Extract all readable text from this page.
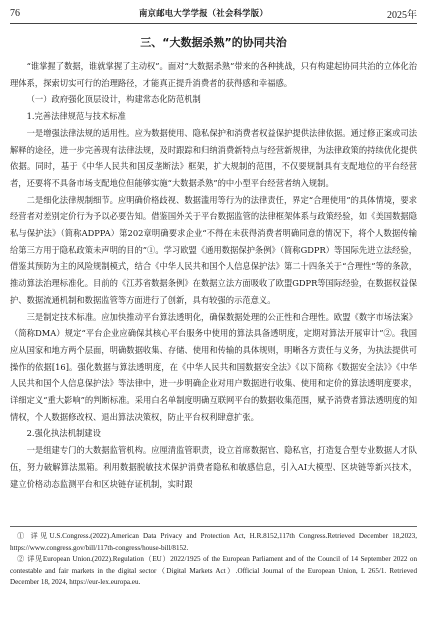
76	南京邮电大学学报（社会科学版）	2025年
三、“大数据杀熟”的协同共治

“谁掌握了数据，谁就掌握了主动权”。面对“大数据杀熟”带来的各种挑战，只有构建起协同共治的立体化治理体系，探索切实可行的治理路径，才能真正提升消费者的获得感和幸福感。

（一）政府强化顶层设计，构建常态化防范机制

1.完善法律规范与技术标准

一是增强法律法规的适用性。应为数据使用、隐私保护和消费者权益保护提供法律依据。通过修正案或司法解释的途径，进一步完善现有法律法规，及时跟踪和归纳消费新特点与经营新规律，为法律政策的持续优化提供依据。同时，基于《中华人民共和国反垄断法》框架，扩大规制的范围，不仅要规制具有支配地位的平台经营者，还要将不具备市场支配地位但能够实施“大数据杀熟”的中小型平台经营者纳入规制。

二是细化法律规制细节。应明确价格歧视、数据滥用等行为的法律责任，界定“合理使用”的具体情境，要求经营者对差别定价行为予以必要告知。借鉴国外关于平台数据监管的法律框架体系与政策经验，如《美国数据隐私与保护法》（简称ADPPA）第202章明确要求企业“不得在未获得消费者明确同意的情况下，将个人数据传输给第三方用于隐私政策未声明的目的”①。学习欧盟《通用数据保护条例》（简称GDPR）等国际先进立法经验，借鉴其预防为主的风险规制模式，结合《中华人民共和国个人信息保护法》第二十四条关于“合理性”等的条款，推动算法治理标准化。目前的《江苏省数据条例》在数据立法方面吸收了欧盟GDPR等国际经验，在数据权益保护、数据流通机制和数据监管等方面进行了创新，具有较强的示范意义。

三是制定技术标准。应加快推动平台算法透明化，确保数据处理的公正性和合理性。欧盟《数字市场法案》（简称DMA）规定“平台企业应确保其核心平台服务中使用的算法具备透明度，定期对算法开展审计”②。我国应从国家和地方两个层面，明确数据收集、存储、使用和传输的具体规则，明晰各方责任与义务，为执法提供可操作的依据[16]。强化数据与算法透明度，在《中华人民共和国数据安全法》《以下简称《数据安全法》》《中华人民共和国个人信息保护法》等法律中，进一步明确企业对用户数据进行收集、使用和定价的算法透明度要求，详细定义“重大影响”的判断标准。采用白名单制度明确互联网平台的数据收集范围，赋予消费者算法透明度的知情权，个人数据修改权、退出算法决策权，防止平台权利肆意扩张。

2.强化执法机制建设

一是组建专门的大数据监管机构。应厘清监管职责，设立首席数据官、隐私官，打造复合型专业数据人才队伍，努力破解算法黑箱。利用数据脱敏技术保护消费者隐私和敏感信息，引入AI大模型、区块链等新兴技术，建立价格动态监测平台和区块链存证机制，实时跟

① 详见U.S.Congress.(2022).American Data Privacy and Protection Act, H.R.8152,117th Congress.Retrieved December 18,2023, https://www.congress.gov/bill/117th-congress/house-bill/8152.

② 详见European Union.(2022).Regulation（EU）2022/1925 of the European Parliament and of the Council of 14 September 2022 on contestable and fair markets in the digital sector（Digital Markets Act）.Official Journal of the European Union, L 265/1. Retrieved December 18, 2024, https://eur-lex.europa.eu.
